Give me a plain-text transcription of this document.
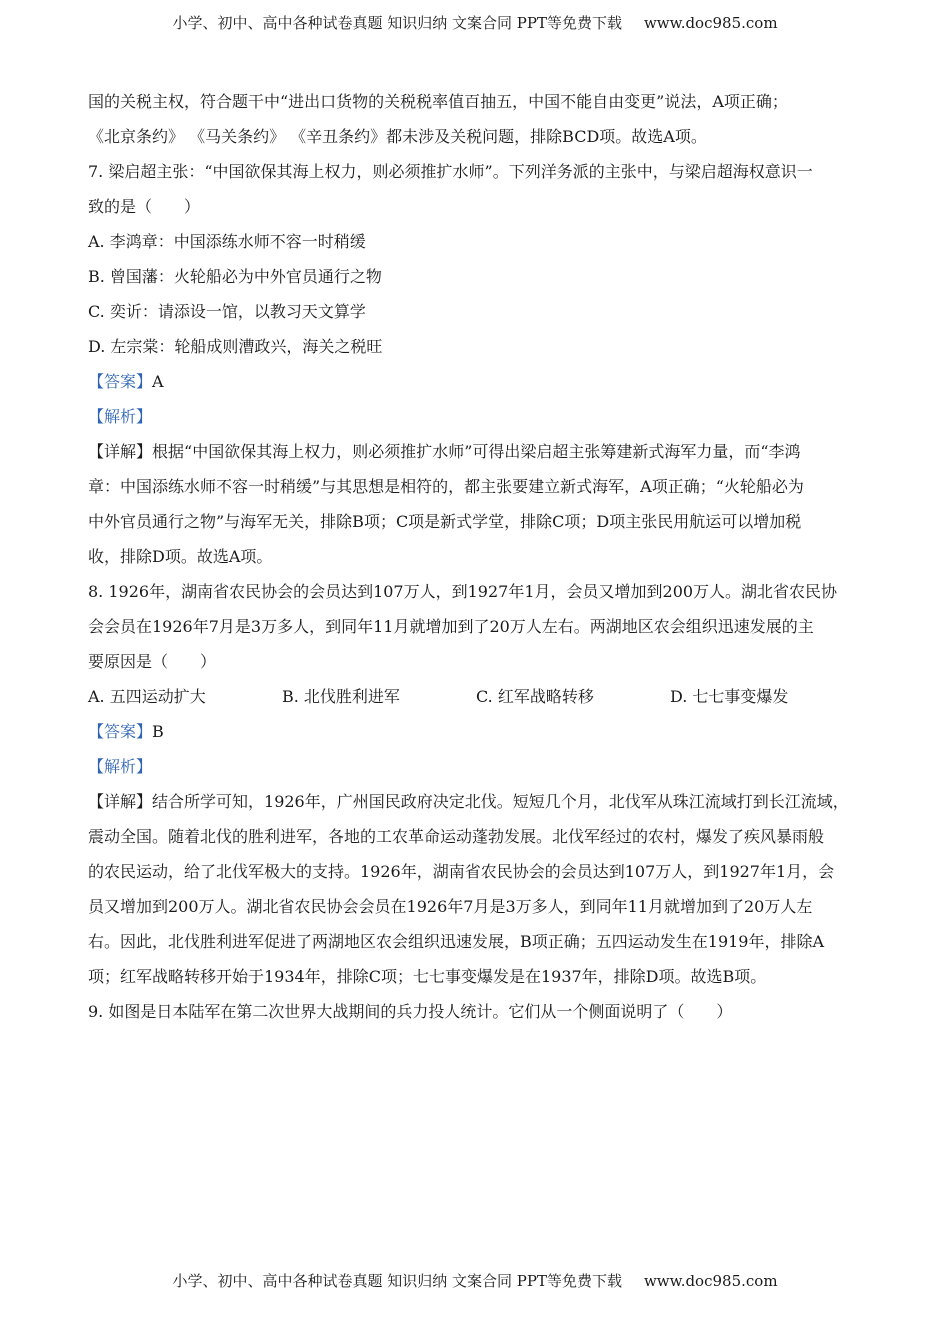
小学、初中、高中各种试卷真题 知识归纳 文案合同 PPT等免费下载 www.doc985.com
国的关税主权，符合题干中“进出口货物的关税税率值百抽五，中国不能自由变更”说法，A项正确；
《北京条约》 《马关条约》 《辛丑条约》都未涉及关税问题，排除BCD项。故选A项。
7. 梁启超主张：“中国欲保其海上权力，则必须推扩水师”。下列洋务派的主张中，与梁启超海权意识一
致的是（　　）
A. 李鸿章：中国添练水师不容一时稍缓
B. 曾国藩：火轮船必为中外官员通行之物
C. 奕䜣：请添设一馆，以教习天文算学
D. 左宗棠：轮船成则漕政兴，海关之税旺
【答案】A
【解析】
【详解】根据“中国欲保其海上权力，则必须推扩水师”可得出梁启超主张筹建新式海军力量，而“李鸿
章：中国添练水师不容一时稍缓”与其思想是相符的，都主张要建立新式海军，A项正确；“火轮船必为
中外官员通行之物”与海军无关，排除B项；C项是新式学堂，排除C项；D项主张民用航运可以增加税
收，排除D项。故选A项。
8. 1926年，湖南省农民协会的会员达到107万人，到1927年1月，会员又增加到200万人。湖北省农民协
会会员在1926年7月是3万多人，到同年11月就增加到了20万人左右。两湖地区农会组织迅速发展的主
要原因是（　　）
A. 五四运动扩大	B. 北伐胜利进军	C. 红军战略转移	D. 七七事变爆发
【答案】B
【解析】
【详解】结合所学可知，1926年，广州国民政府决定北伐。短短几个月，北伐军从珠江流域打到长江流域，
震动全国。随着北伐的胜利进军，各地的工农革命运动蓬勃发展。北伐军经过的农村，爆发了疾风暴雨般
的农民运动，给了北伐军极大的支持。1926年，湖南省农民协会的会员达到107万人，到1927年1月，会
员又增加到200万人。湖北省农民协会会员在1926年7月是3万多人，到同年11月就增加到了20万人左
右。因此，北伐胜利进军促进了两湖地区农会组织迅速发展，B项正确；五四运动发生在1919年，排除A
项；红军战略转移开始于1934年，排除C项；七七事变爆发是在1937年，排除D项。故选B项。
9. 如图是日本陆军在第二次世界大战期间的兵力投人统计。它们从一个侧面说明了（　　）
小学、初中、高中各种试卷真题 知识归纳 文案合同 PPT等免费下载 www.doc985.com
